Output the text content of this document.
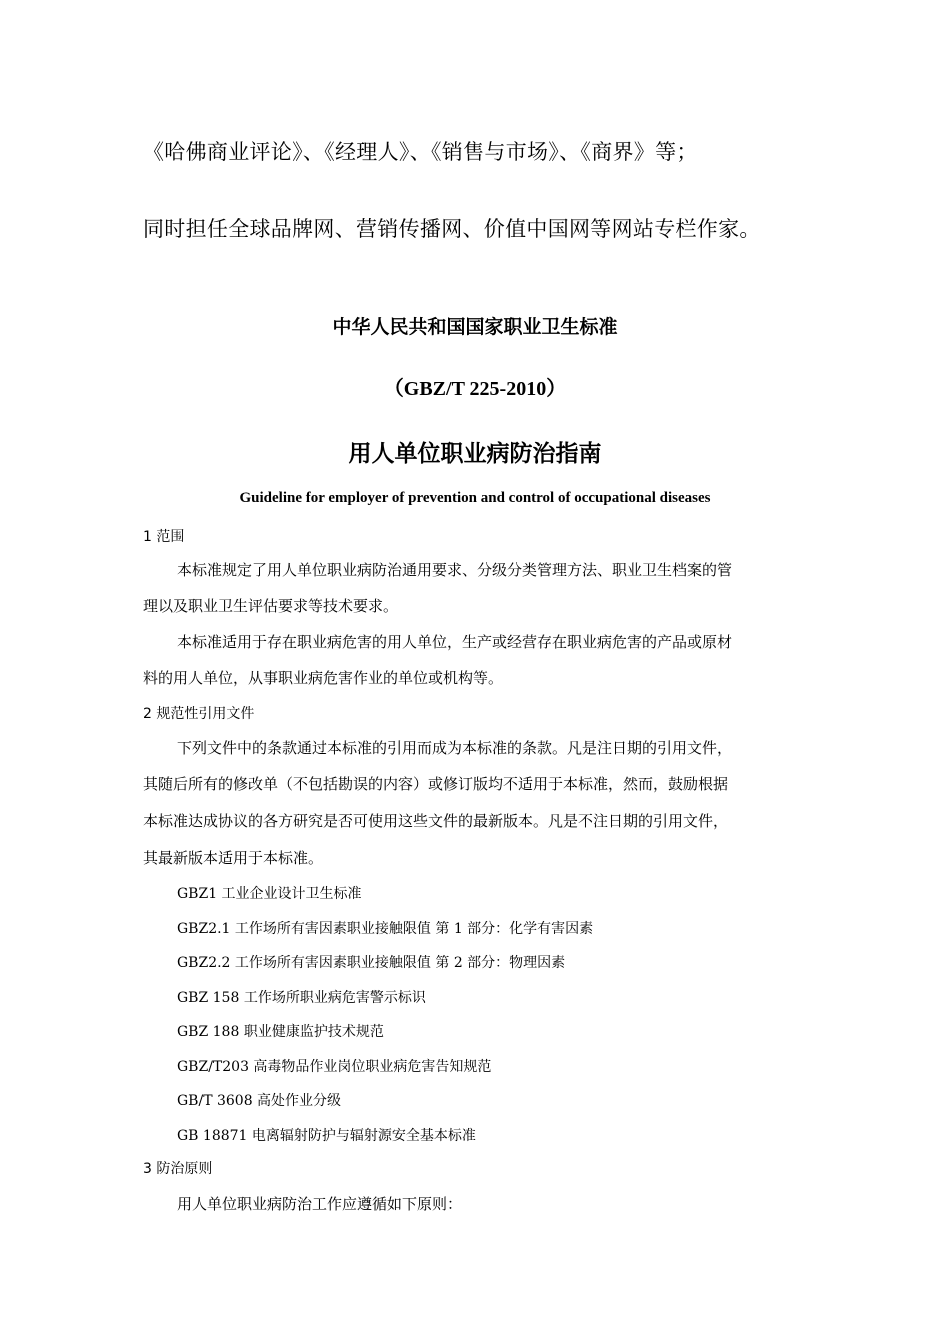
《哈佛商业评论》、《经理人》、《销售与市场》、《商界》等；
同时担任全球品牌网、营销传播网、价值中国网等网站专栏作家。
中华人民共和国国家职业卫生标准
（GBZ/T 225-2010）
用人单位职业病防治指南
Guideline for employer of prevention and control of occupational diseases
1 范围
本标准规定了用人单位职业病防治通用要求、分级分类管理方法、职业卫生档案的管
理以及职业卫生评估要求等技术要求。
本标准适用于存在职业病危害的用人单位，生产或经营存在职业病危害的产品或原材
料的用人单位，从事职业病危害作业的单位或机构等。
2 规范性引用文件
下列文件中的条款通过本标准的引用而成为本标准的条款。凡是注日期的引用文件，
其随后所有的修改单（不包括勘误的内容）或修订版均不适用于本标准，然而，鼓励根据
本标准达成协议的各方研究是否可使用这些文件的最新版本。凡是不注日期的引用文件，
其最新版本适用于本标准。
GBZ1 工业企业设计卫生标准
GBZ2.1 工作场所有害因素职业接触限值 第 1 部分：化学有害因素
GBZ2.2 工作场所有害因素职业接触限值 第 2 部分：物理因素
GBZ 158 工作场所职业病危害警示标识
GBZ 188 职业健康监护技术规范
GBZ/T203 高毒物品作业岗位职业病危害告知规范
GB/T 3608 高处作业分级
GB 18871 电离辐射防护与辐射源安全基本标准
3 防治原则
用人单位职业病防治工作应遵循如下原则：
